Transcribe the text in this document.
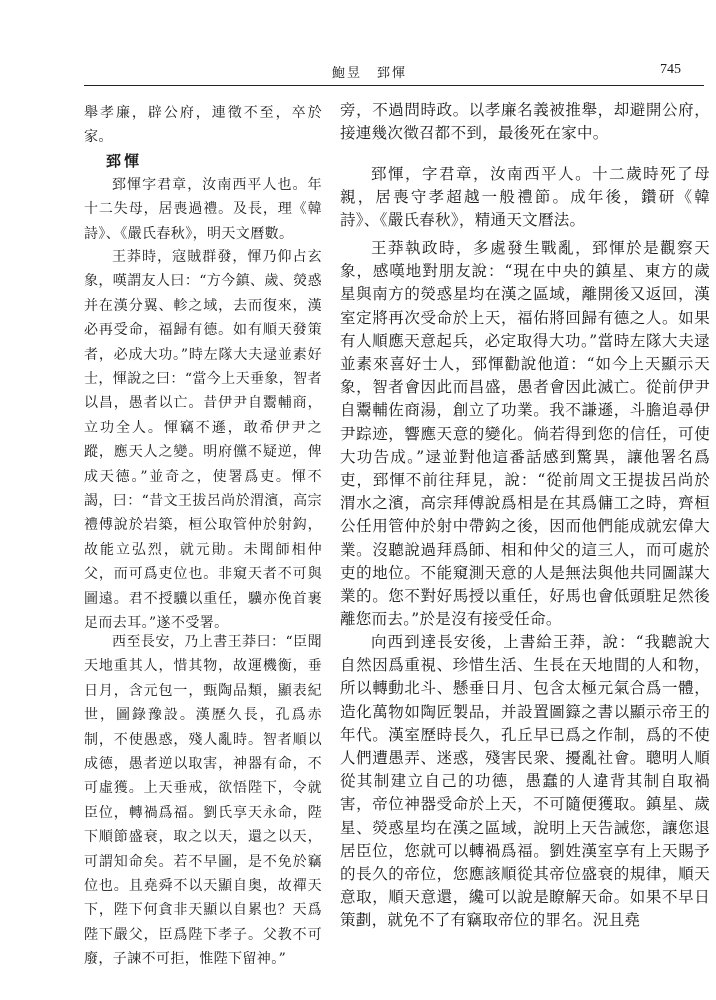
鮑昱　郅惲	745
舉孝廉，辟公府，連徵不至，卒於家。
郅惲
郅惲字君章，汝南西平人也。年十二失母，居喪過禮。及長，理《韓詩》、《嚴氏春秋》，明天文曆數。
王莽時，寇賊群發，惲乃仰占玄象，嘆謂友人曰：“方今鎮、歲、熒惑并在漢分翼、軫之域，去而復來，漢必再受命，福歸有德。如有順天發策者，必成大功。”時左隊大夫逯並素好士，惲說之曰：“當今上天垂象，智者以昌，愚者以亡。昔伊尹自鬻輔商，立功全人。惲竊不遜，敢希伊尹之蹤，應天人之變。明府儻不疑逆，俾成天德。”並奇之，使署爲吏。惲不謁，曰：“昔文王拔呂尚於渭濱，高宗禮傅說於岩築，桓公取管仲於射鈎，故能立弘烈，就元勛。未聞師相仲父，而可爲吏位也。非窺天者不可與圖遠。君不授驥以重任，驥亦俛首裹足而去耳。”遂不受署。
西至長安，乃上書王莽曰：“臣聞天地重其人，惜其物，故運機衡，垂日月，含元包一，甄陶品類，顯表紀世，圖錄豫設。漢歷久長，孔爲赤制，不使愚惑，殘人亂時。智者順以成德，愚者逆以取害，神器有命，不可虛獲。上天垂戒，欲悟陛下，令就臣位，轉禍爲福。劉氏享天永命，陛下順節盛衰，取之以天，還之以天，可謂知命矣。若不早圖，是不免於竊位也。且堯舜不以天顯自奥，故禪天下，陛下何貪非天顯以自累也？天爲陛下嚴父，臣爲陛下孝子。父教不可廢，子諫不可拒，惟陛下留神。”
旁，不過問時政。以孝廉名義被推舉，却避開公府，接連幾次徵召都不到，最後死在家中。
郅惲，字君章，汝南西平人。十二歲時死了母親，居喪守孝超越一般禮節。成年後，鑽研《韓詩》、《嚴氏春秋》，精通天文曆法。
王莽執政時，多處發生戰亂，郅惲於是觀察天象，感嘆地對朋友說：“現在中央的鎮星、東方的歲星與南方的熒惑星均在漢之區域，離開後又返回，漢室定將再次受命於上天，福佑將回歸有德之人。如果有人順應天意起兵，必定取得大功。”當時左隊大夫逯並素來喜好士人，郅惲勸說他道：“如今上天顯示天象，智者會因此而昌盛，愚者會因此滅亡。從前伊尹自鬻輔佐商湯，創立了功業。我不謙遜，斗膽追尋伊尹踪迹，響應天意的變化。倘若得到您的信任，可使大功告成。”逯並對他這番話感到驚異，讓他署名爲吏，郅惲不前往拜見，說：“從前周文王提拔呂尚於渭水之濱，高宗拜傅說爲相是在其爲傭工之時，齊桓公任用管仲於射中帶鈎之後，因而他們能成就宏偉大業。沒聽說過拜爲師、相和仲父的這三人，而可處於吏的地位。不能窺測天意的人是無法與他共同圖謀大業的。您不對好馬授以重任，好馬也會低頭駐足然後離您而去。”於是沒有接受任命。
向西到達長安後，上書給王莽，說：“我聽說大自然因爲重視、珍惜生活、生長在天地間的人和物，所以轉動北斗、懸垂日月、包含太極元氣合爲一體，造化萬物如陶匠製品，并設置圖籙之書以顯示帝王的年代。漢室歷時長久，孔丘早已爲之作制，爲的不使人們遭愚弄、迷惑，殘害民衆、擾亂社會。聰明人順從其制建立自己的功德，愚蠢的人違背其制自取禍害，帝位神器受命於上天，不可隨便獲取。鎮星、歲星、熒惑星均在漢之區域，說明上天告誡您，讓您退居臣位，您就可以轉禍爲福。劉姓漢室享有上天賜予的長久的帝位，您應該順從其帝位盛衰的規律，順天意取，順天意還，纔可以說是瞭解天命。如果不早日策劃，就免不了有竊取帝位的罪名。況且堯
